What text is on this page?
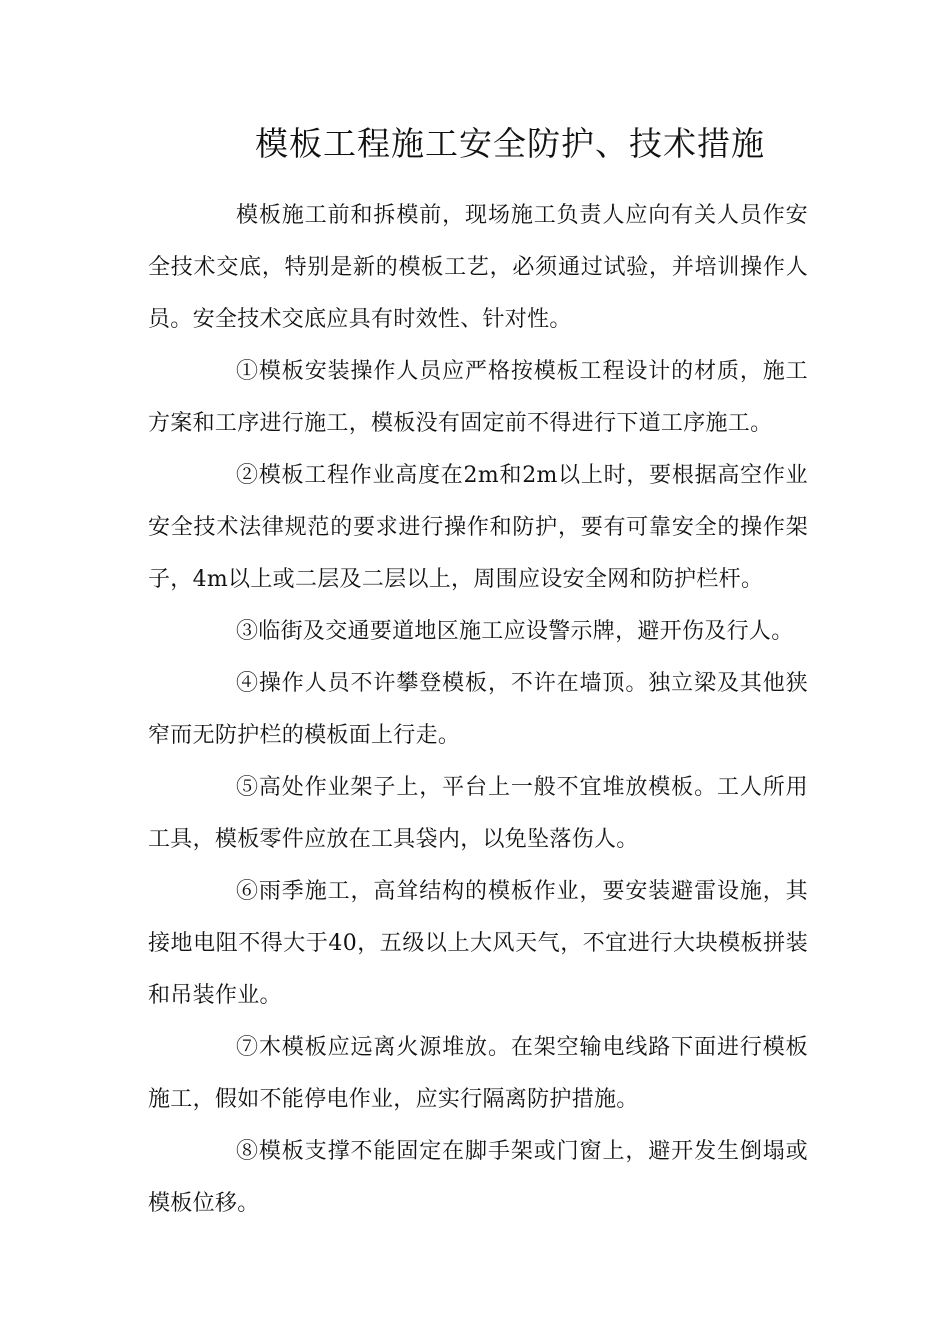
模板工程施工安全防护、技术措施

模板施工前和拆模前，现场施工负责人应向有关人员作安全技术交底，特别是新的模板工艺，必须通过试验，并培训操作人员。安全技术交底应具有时效性、针对性。

①模板安装操作人员应严格按模板工程设计的材质，施工方案和工序进行施工，模板没有固定前不得进行下道工序施工。

②模板工程作业高度在2m和2m以上时，要根据高空作业安全技术法律规范的要求进行操作和防护，要有可靠安全的操作架子，4m以上或二层及二层以上，周围应设安全网和防护栏杆。

③临街及交通要道地区施工应设警示牌，避开伤及行人。

④操作人员不许攀登模板，不许在墙顶。独立梁及其他狭窄而无防护栏的模板面上行走。

⑤高处作业架子上，平台上一般不宜堆放模板。工人所用工具，模板零件应放在工具袋内，以免坠落伤人。

⑥雨季施工，高耸结构的模板作业，要安装避雷设施，其接地电阻不得大于40，五级以上大风天气，不宜进行大块模板拼装和吊装作业。

⑦木模板应远离火源堆放。在架空输电线路下面进行模板施工，假如不能停电作业，应实行隔离防护措施。

⑧模板支撑不能固定在脚手架或门窗上，避开发生倒塌或模板位移。
